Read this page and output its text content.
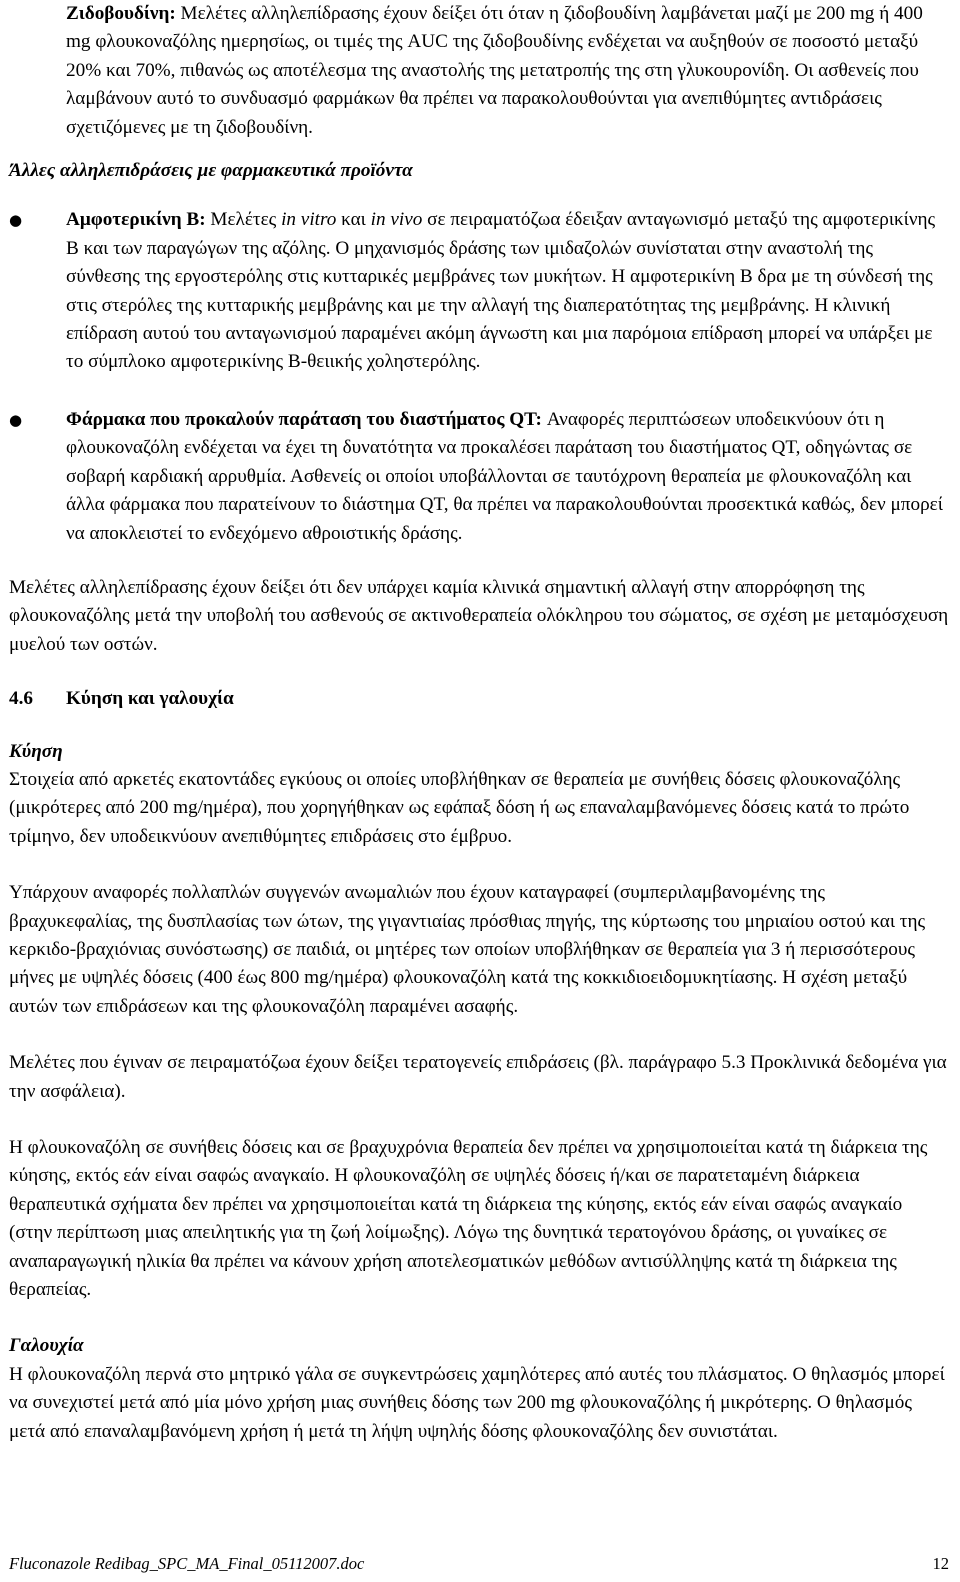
Ζιδοβουδίνη: Μελέτες αλληλεπίδρασης έχουν δείξει ότι όταν η ζιδοβουδίνη λαμβάνεται μαζί με 200 mg ή 400 mg φλουκοναζόλης ημερησίως, οι τιμές της AUC της ζιδοβουδίνης ενδέχεται να αυξηθούν σε ποσοστό μεταξύ 20% και 70%, πιθανώς ως αποτέλεσμα της αναστολής της μετατροπής της στη γλυκουρονίδη. Οι ασθενείς που λαμβάνουν αυτό το συνδυασμό φαρμάκων θα πρέπει να παρακολουθούνται για ανεπιθύμητες αντιδράσεις σχετιζόμενες με τη ζιδοβουδίνη.

Άλλες αλληλεπιδράσεις με φαρμακευτικά προϊόντα

●	Αμφοτερικίνη Β: Μελέτες in vitro και in vivo σε πειραματόζωα έδειξαν ανταγωνισμό μεταξύ της αμφοτερικίνης Β και των παραγώγων της αζόλης. Ο μηχανισμός δράσης των ιμιδαζολών συνίσταται στην αναστολή της σύνθεσης της εργοστερόλης στις κυτταρικές μεμβράνες των μυκήτων. Η αμφοτερικίνη Β δρα με τη σύνδεσή της στις στερόλες της κυτταρικής μεμβράνης και με την αλλαγή της διαπερατότητας της μεμβράνης. Η κλινική επίδραση αυτού του ανταγωνισμού παραμένει ακόμη άγνωστη και μια παρόμοια επίδραση μπορεί να υπάρξει με το σύμπλοκο αμφοτερικίνης Β-θειικής χοληστερόλης.

●	Φάρμακα που προκαλούν παράταση του διαστήματος QT: Αναφορές περιπτώσεων υποδεικνύουν ότι η φλουκοναζόλη ενδέχεται να έχει τη δυνατότητα να προκαλέσει παράταση του διαστήματος QT, οδηγώντας σε σοβαρή καρδιακή αρρυθμία. Ασθενείς οι οποίοι υποβάλλονται σε ταυτόχρονη θεραπεία με φλουκοναζόλη και άλλα φάρμακα που παρατείνουν το διάστημα QT, θα πρέπει να παρακολουθούνται προσεκτικά καθώς, δεν μπορεί να αποκλειστεί το ενδεχόμενο αθροιστικής δράσης.

Μελέτες αλληλεπίδρασης έχουν δείξει ότι δεν υπάρχει καμία κλινικά σημαντική αλλαγή στην απορρόφηση της φλουκοναζόλης μετά την υποβολή του ασθενούς σε ακτινοθεραπεία ολόκληρου του σώματος, σε σχέση με μεταμόσχευση μυελού των οστών.

4.6 Κύηση και γαλουχία

Κύηση

Στοιχεία από αρκετές εκατοντάδες εγκύους οι οποίες υποβλήθηκαν σε θεραπεία με συνήθεις δόσεις φλουκοναζόλης (μικρότερες από 200 mg/ημέρα), που χορηγήθηκαν ως εφάπαξ δόση ή ως επαναλαμβανόμενες δόσεις κατά το πρώτο τρίμηνο, δεν υποδεικνύουν ανεπιθύμητες επιδράσεις στο έμβρυο.

Υπάρχουν αναφορές πολλαπλών συγγενών ανωμαλιών που έχουν καταγραφεί (συμπεριλαμβανομένης της βραχυκεφαλίας, της δυσπλασίας των ώτων, της γιγαντιαίας πρόσθιας πηγής, της κύρτωσης του μηριαίου οστού και της κερκιδο-βραχιόνιας συνόστωσης) σε παιδιά, οι μητέρες των οποίων υποβλήθηκαν σε θεραπεία για 3 ή περισσότερους μήνες με υψηλές δόσεις (400 έως 800 mg/ημέρα) φλουκοναζόλη κατά της κοκκιδιοειδομυκητίασης. Η σχέση μεταξύ αυτών των επιδράσεων και της φλουκοναζόλη παραμένει ασαφής.

Μελέτες που έγιναν σε πειραματόζωα έχουν δείξει τερατογενείς επιδράσεις (βλ. παράγραφο 5.3 Προκλινικά δεδομένα για την ασφάλεια).

Η φλουκοναζόλη σε συνήθεις δόσεις και σε βραχυχρόνια θεραπεία δεν πρέπει να χρησιμοποιείται κατά τη διάρκεια της κύησης, εκτός εάν είναι σαφώς αναγκαίο. Η φλουκοναζόλη σε υψηλές δόσεις ή/και σε παρατεταμένη διάρκεια θεραπευτικά σχήματα δεν πρέπει να χρησιμοποιείται κατά τη διάρκεια της κύησης, εκτός εάν είναι σαφώς αναγκαίο (στην περίπτωση μιας απειλητικής για τη ζωή λοίμωξης). Λόγω της δυνητικά τερατογόνου δράσης, οι γυναίκες σε αναπαραγωγική ηλικία θα πρέπει να κάνουν χρήση αποτελεσματικών μεθόδων αντισύλληψης κατά τη διάρκεια της θεραπείας.

Γαλουχία

Η φλουκοναζόλη περνά στο μητρικό γάλα σε συγκεντρώσεις χαμηλότερες από αυτές του πλάσματος. Ο θηλασμός μπορεί να συνεχιστεί μετά από μία μόνο χρήση μιας συνήθεις δόσης των 200 mg φλουκοναζόλης ή μικρότερης. Ο θηλασμός μετά από επαναλαμβανόμενη χρήση ή μετά τη λήψη υψηλής δόσης φλουκοναζόλης δεν συνιστάται.

Fluconazole Redibag_SPC_MA_Final_05112007.doc	12
